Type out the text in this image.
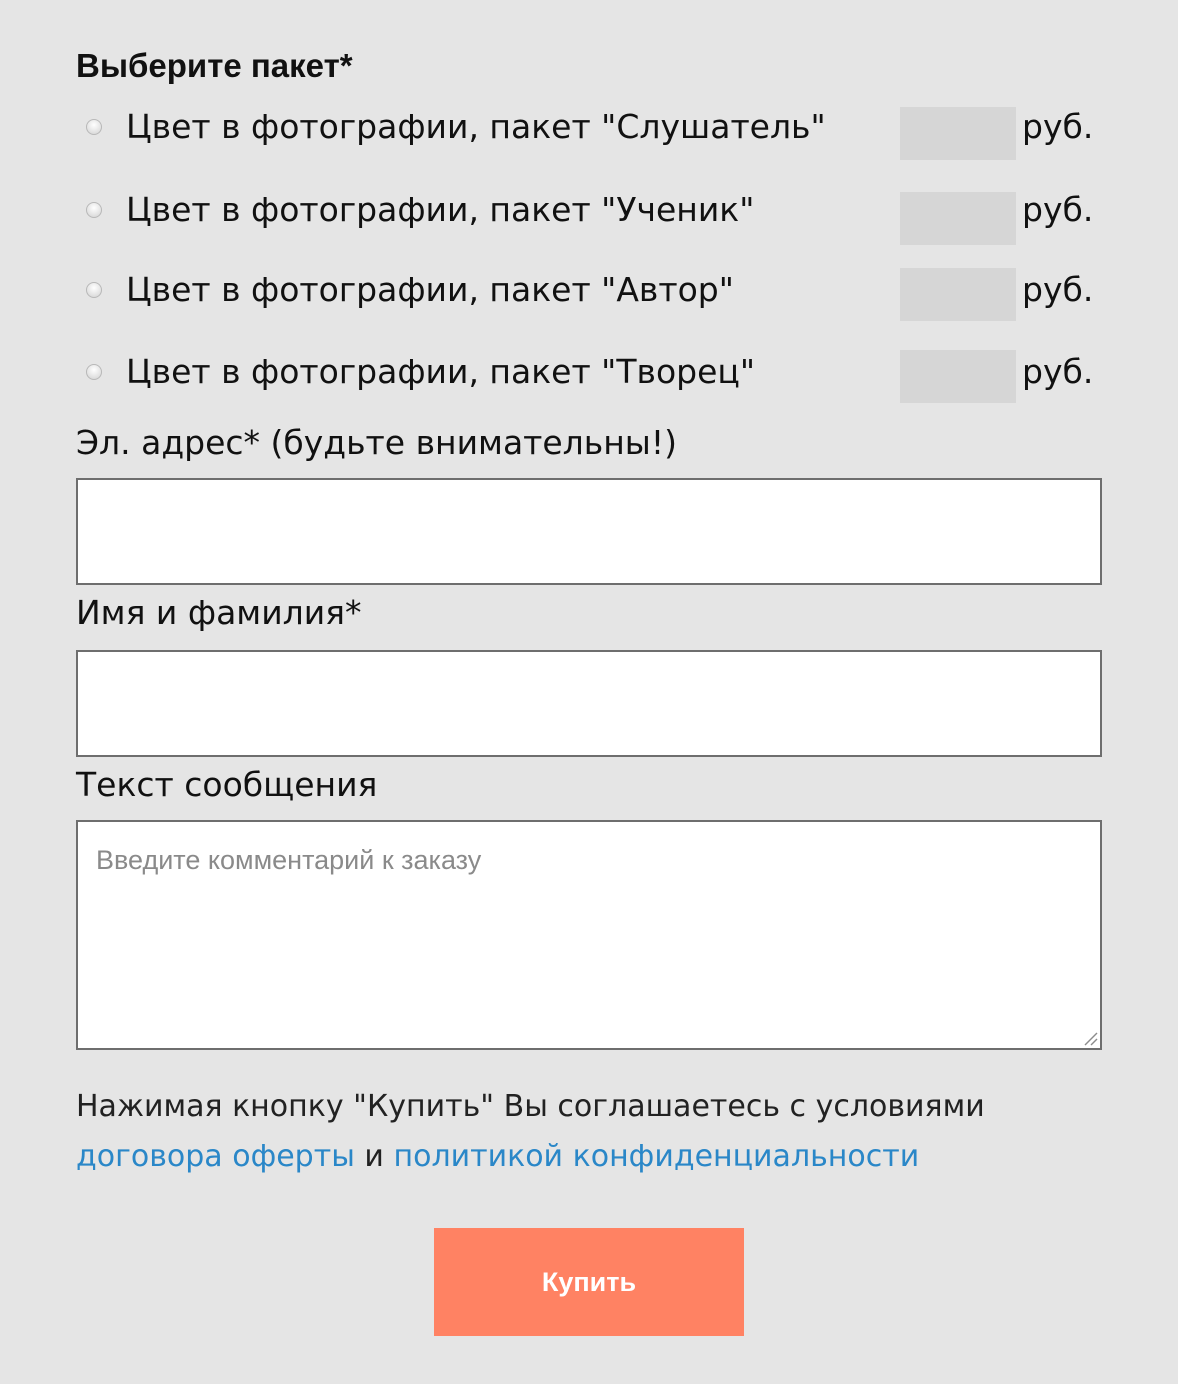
Выберите пакет*
Цвет в фотографии, пакет "Слушатель"	руб.
Цвет в фотографии, пакет "Ученик"	руб.
Цвет в фотографии, пакет "Автор"	руб.
Цвет в фотографии, пакет "Творец"	руб.
Эл. адрес* (будьте внимательны!)
Имя и фамилия*
Текст сообщения
Введите комментарий к заказу

Нажимая кнопку "Купить" Вы соглашаетесь с условиями договора оферты и политикой конфиденциальности

Купить
